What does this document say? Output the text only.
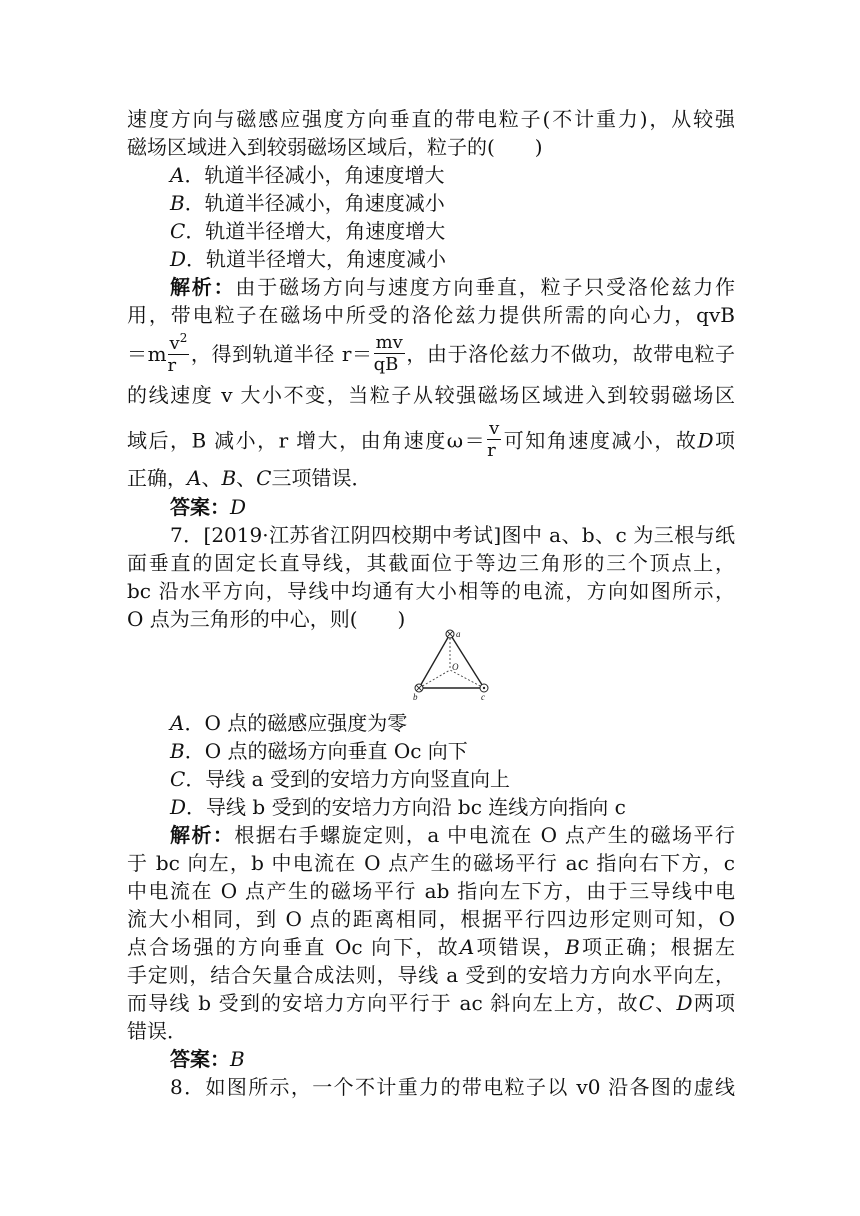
速度方向与磁感应强度方向垂直的带电粒子(不计重力)，从较强
磁场区域进入到较弱磁场区域后，粒子的(　　)
A．轨道半径减小，角速度增大
B．轨道半径减小，角速度减小
C．轨道半径增大，角速度增大
D．轨道半径增大，角速度减小
解析：由于磁场方向与速度方向垂直，粒子只受洛伦兹力作
用，带电粒子在磁场中所受的洛伦兹力提供所需的向心力，qvB
$=m \frac{v^2}{r}$ ，得到轨道半径 $r= \frac{mv}{qB}$ ，由于洛伦兹力不做功，故带电粒子
的线速度 v 大小不变，当粒子从较强磁场区域进入到较弱磁场区
域后，B 减小，r 增大，由角速度$\omega= \frac{v}{r}$ 可知角速度减小，故D项
正确，A、B、C三项错误．
答案：D
7．[2019·江苏省江阴四校期中考试]图中 a、b、c 为三根与纸
面垂直的固定长直导线，其截面位于等边三角形的三个顶点上，
bc 沿水平方向，导线中均通有大小相等的电流，方向如图所示，
O 点为三角形的中心，则(　　)
a
b	c
O
A．O 点的磁感应强度为零
B．O 点的磁场方向垂直 Oc 向下
C．导线 a 受到的安培力方向竖直向上
D．导线 b 受到的安培力方向沿 bc 连线方向指向 c
解析：根据右手螺旋定则，a 中电流在 O 点产生的磁场平行
于 bc 向左，b 中电流在 O 点产生的磁场平行 ac 指向右下方，c
中电流在 O 点产生的磁场平行 ab 指向左下方，由于三导线中电
流大小相同，到 O 点的距离相同，根据平行四边形定则可知，O
点合场强的方向垂直 Oc 向下，故A项错误，B项正确；根据左
手定则，结合矢量合成法则，导线 a 受到的安培力方向水平向左，
而导线 b 受到的安培力方向平行于 ac 斜向左上方，故C、D两项
错误．
答案：B
8．如图所示，一个不计重力的带电粒子以 v0 沿各图的虚线
